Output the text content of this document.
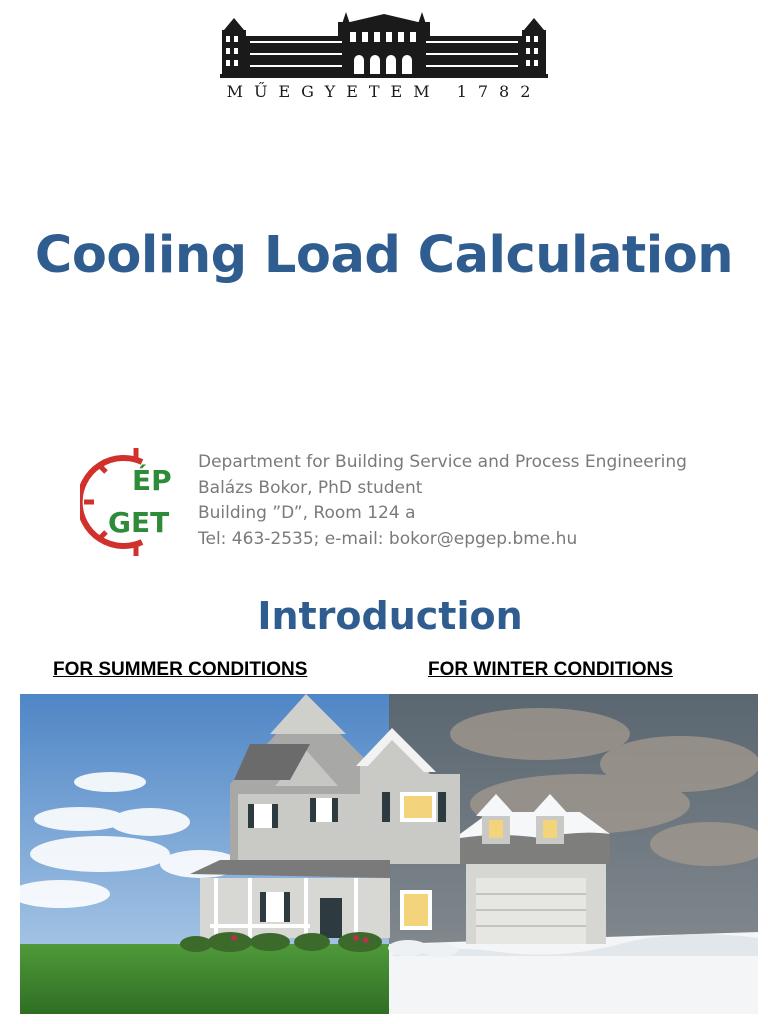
MŰEGYETEM 1782
Cooling Load Calculation
ÉP
GET
Department for Building Service and Process Engineering
Balázs Bokor, PhD student
Building ”D”, Room 124 a
Tel: 463-2535; e-mail: bokor@epgep.bme.hu
Introduction
FOR SUMMER CONDITIONS	FOR WINTER CONDITIONS
